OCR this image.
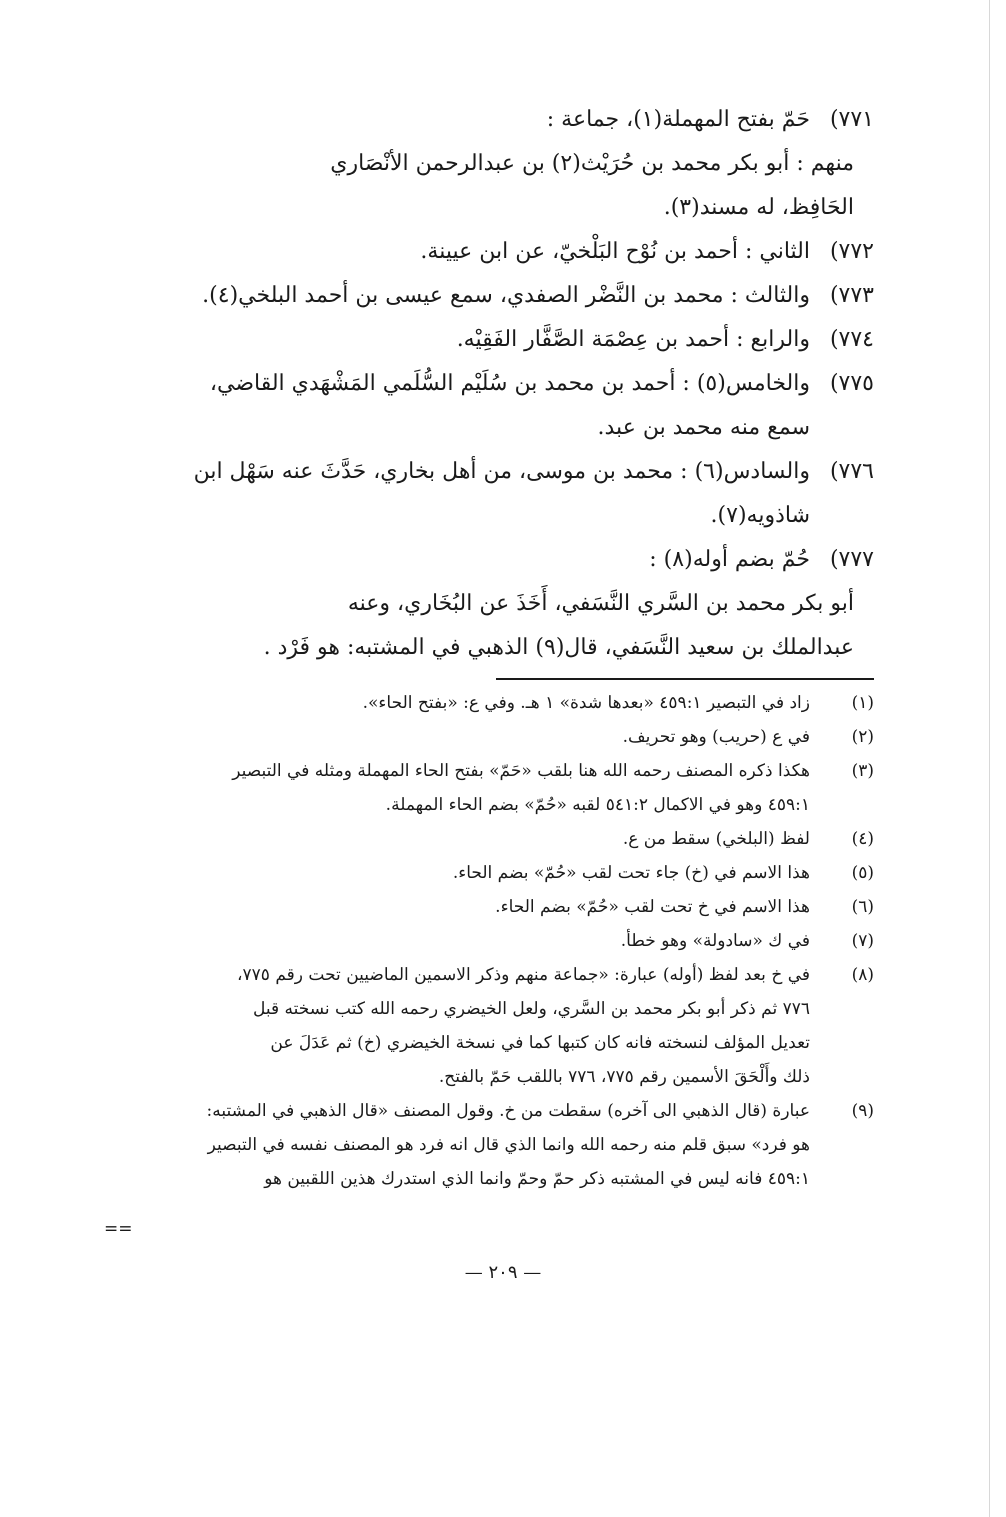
٧٧١)
حَمّ بفتح المهملة(١)، جماعة :
منهم : أبو بكر محمد بن حُرَيْث(٢) بن عبدالرحمن الأنْصَاري
الحَافِظ، له مسند(٣).
٧٧٢)
الثاني : أحمد بن نُوْح البَلْخيّ، عن ابن عيينة.
٧٧٣)
والثالث : محمد بن النَّضْر الصفدي، سمع عيسى بن أحمد البلخي(٤).
٧٧٤)
والرابع : أحمد بن عِصْمَة الصَّفَّار الفَقِيْه.
٧٧٥)
والخامس(٥) : أحمد بن محمد بن سُلَيْم السُّلَمي المَشْهَدي القاضي،
سمع منه محمد بن عبد.
٧٧٦)
والسادس(٦) : محمد بن موسى، من أهل بخاري، حَدَّثَ عنه سَهْل ابن
شاذويه(٧).
٧٧٧)
حُمّ بضم أوله(٨) :
أبو بكر محمد بن السَّري النَّسَفي، أَخَذَ عن البُخَاري، وعنه
عبدالملك بن سعيد النَّسَفي، قال(٩) الذهبي في المشتبه: هو فَرْد .
(١)
زاد في التبصير ٤٥٩:١ «بعدها شدة» ١ هـ. وفي ع: «بفتح الحاء».
(٢)
في ع (حريب) وهو تحريف.
(٣)
هكذا ذكره المصنف رحمه الله هنا بلقب «حَمّ» بفتح الحاء المهملة ومثله في التبصير
٤٥٩:١ وهو في الاكمال ٥٤١:٢ لقبه «حُمّ» بضم الحاء المهملة.
(٤)
لفظ (البلخي) سقط من ع.
(٥)
هذا الاسم في (خ) جاء تحت لقب «حُمّ» بضم الحاء.
(٦)
هذا الاسم في خ تحت لقب «حُمّ» بضم الحاء.
(٧)
في ك «سادولة» وهو خطأ.
(٨)
في خ بعد لفظ (أوله) عبارة: «جماعة منهم وذكر الاسمين الماضيين تحت رقم ٧٧٥،
٧٧٦ ثم ذكر أبو بكر محمد بن السَّري، ولعل الخيضري رحمه الله كتب نسخته قبل
تعديل المؤلف لنسخته فانه كان كتبها كما في نسخة الخيضري (خ) ثم عَدَلَ عن
ذلك وأَلْحَقَ الأسمين رقم ٧٧٥، ٧٧٦ باللقب حَمّ بالفتح.
(٩)
عبارة (قال الذهبي الى آخره) سقطت من خ. وقول المصنف «قال الذهبي في المشتبه:
هو فرد» سبق قلم منه رحمه الله وانما الذي قال انه فرد هو المصنف نفسه في التبصير
٤٥٩:١ فانه ليس في المشتبه ذكر حمّ وحمّ وانما الذي استدرك هذين اللقبين هو
==
— ٢٠٩ —
